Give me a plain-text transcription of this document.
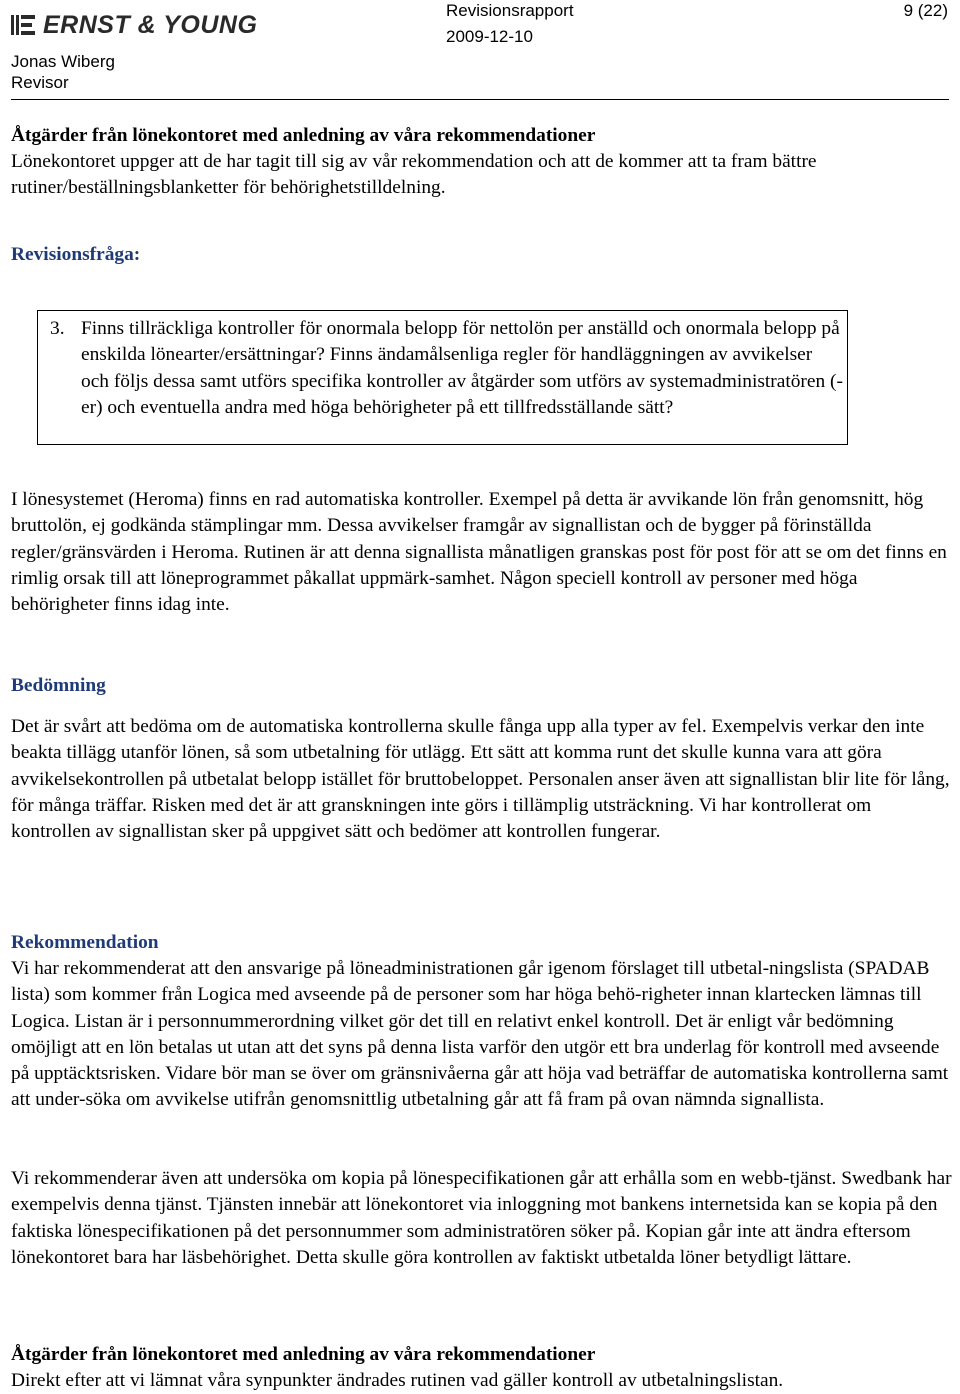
ERNST & YOUNG
Jonas Wiberg
Revisor
Revisionsrapport
2009-12-10
9 (22)
Åtgärder från lönekontoret med anledning av våra rekommendationer
Lönekontoret uppger att de har tagit till sig av vår rekommendation och att de kommer att ta fram bättre rutiner/beställningsblanketter för behörighetstilldelning.
Revisionsfråga:
3. Finns tillräckliga kontroller för onormala belopp för nettolön per anställd och onormala belopp på enskilda lönearter/ersättningar? Finns ändamålsenliga regler för handläggningen av avvikelser och följs dessa samt utförs specifika kontroller av åtgärder som utförs av systemadministratören (-er) och eventuella andra med höga behörigheter på ett tillfredsställande sätt?
I lönesystemet (Heroma) finns en rad automatiska kontroller. Exempel på detta är avvikande lön från genomsnitt, hög bruttolön, ej godkända stämplingar mm. Dessa avvikelser framgår av signallistan och de bygger på förinställda regler/gränsvärden i Heroma. Rutinen är att denna signallista månatligen granskas post för post för att se om det finns en rimlig orsak till att löneprogrammet påkallat uppmärk-samhet. Någon speciell kontroll av personer med höga behörigheter finns idag inte.
Bedömning
Det är svårt att bedöma om de automatiska kontrollerna skulle fånga upp alla typer av fel. Exempelvis verkar den inte beakta tillägg utanför lönen, så som utbetalning för utlägg. Ett sätt att komma runt det skulle kunna vara att göra avvikelsekontrollen på utbetalat belopp istället för bruttobeloppet. Personalen anser även att signallistan blir lite för lång, för många träffar. Risken med det är att granskningen inte görs i tillämplig utsträckning. Vi har kontrollerat om kontrollen av signallistan sker på uppgivet sätt och bedömer att kontrollen fungerar.
Rekommendation
Vi har rekommenderat att den ansvarige på löneadministrationen går igenom förslaget till utbetal-ningslista (SPADAB lista) som kommer från Logica med avseende på de personer som har höga behö-righeter innan klartecken lämnas till Logica. Listan är i personnummerordning vilket gör det till en relativt enkel kontroll. Det är enligt vår bedömning omöjligt att en lön betalas ut utan att det syns på denna lista varför den utgör ett bra underlag för kontroll med avseende på upptäcktsrisken. Vidare bör man se över om gränsnivåerna går att höja vad beträffar de automatiska kontrollerna samt att under-söka om avvikelse utifrån genomsnittlig utbetalning går att få fram på ovan nämnda signallista.
Vi rekommenderar även att undersöka om kopia på lönespecifikationen går att erhålla som en webb-tjänst. Swedbank har exempelvis denna tjänst. Tjänsten innebär att lönekontoret via inloggning mot bankens internetsida kan se kopia på den faktiska lönespecifikationen på det personnummer som administratören söker på. Kopian går inte att ändra eftersom lönekontoret bara har läsbehörighet. Detta skulle göra kontrollen av faktiskt utbetalda löner betydligt lättare.
Åtgärder från lönekontoret med anledning av våra rekommendationer
Direkt efter att vi lämnat våra synpunkter ändrades rutinen vad gäller kontroll av utbetalningslistan.
